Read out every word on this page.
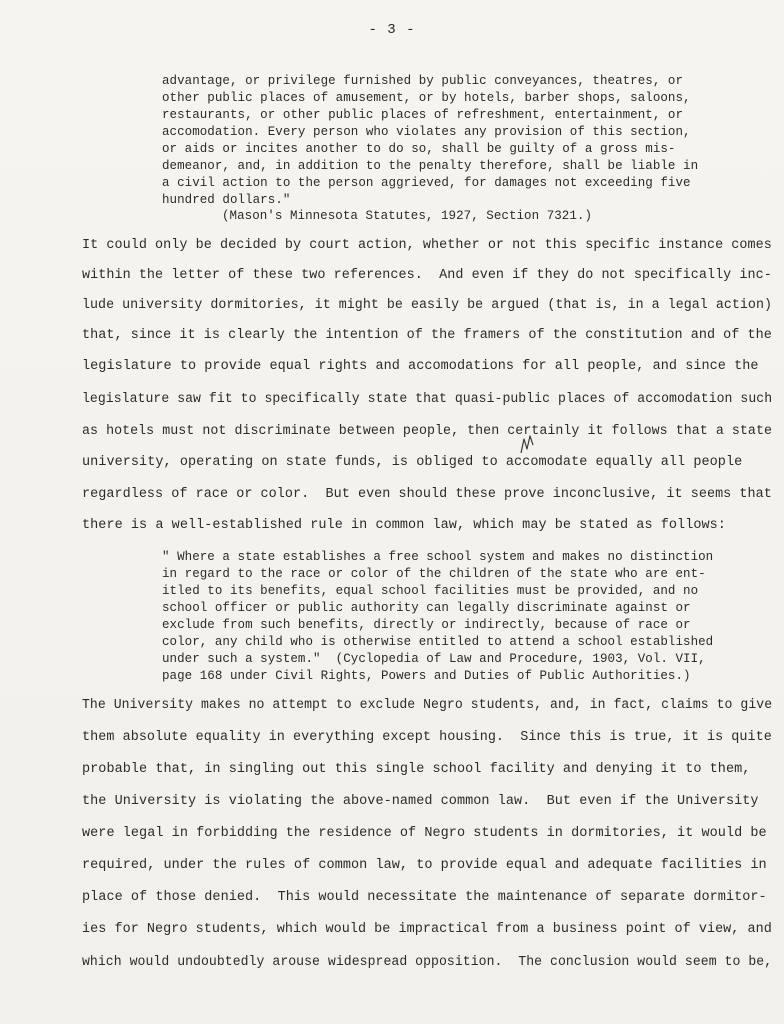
- 3 -
advantage, or privilege furnished by public conveyances, theatres, or
other public places of amusement, or by hotels, barber shops, saloons,
restaurants, or other public places of refreshment, entertainment, or
accomodation. Every person who violates any provision of this section,
or aids or incites another to do so, shall be guilty of a gross mis-
demeanor, and, in addition to the penalty therefore, shall be liable in
a civil action to the person aggrieved, for damages not exceeding five
hundred dollars."
(Mason's Minnesota Statutes, 1927, Section 7321.)
It could only be decided by court action, whether or not this specific instance comes
within the letter of these two references.  And even if they do not specifically inc-
lude university dormitories, it might be easily be argued (that is, in a legal action)
that, since it is clearly the intention of the framers of the constitution and of the
legislature to provide equal rights and accomodations for all people, and since the
legislature saw fit to specifically state that quasi-public places of accomodation such
as hotels must not discriminate between people, then certainly it follows that a state
university, operating on state funds, is obliged to accomodate equally all people
regardless of race or color.  But even should these prove inconclusive, it seems that
there is a well-established rule in common law, which may be stated as follows:
" Where a state establishes a free school system and makes no distinction
in regard to the race or color of the children of the state who are ent-
itled to its benefits, equal school facilities must be provided, and no
school officer or public authority can legally discriminate against or
exclude from such benefits, directly or indirectly, because of race or
color, any child who is otherwise entitled to attend a school established
under such a system."  (Cyclopedia of Law and Procedure, 1903, Vol. VII,
page 168 under Civil Rights, Powers and Duties of Public Authorities.)
The University makes no attempt to exclude Negro students, and, in fact, claims to give
them absolute equality in everything except housing.  Since this is true, it is quite
probable that, in singling out this single school facility and denying it to them,
the University is violating the above-named common law.  But even if the University
were legal in forbidding the residence of Negro students in dormitories, it would be
required, under the rules of common law, to provide equal and adequate facilities in
place of those denied.  This would necessitate the maintenance of separate dormitor-
ies for Negro students, which would be impractical from a business point of view, and
which would undoubtedly arouse widespread opposition.  The conclusion would seem to be,
